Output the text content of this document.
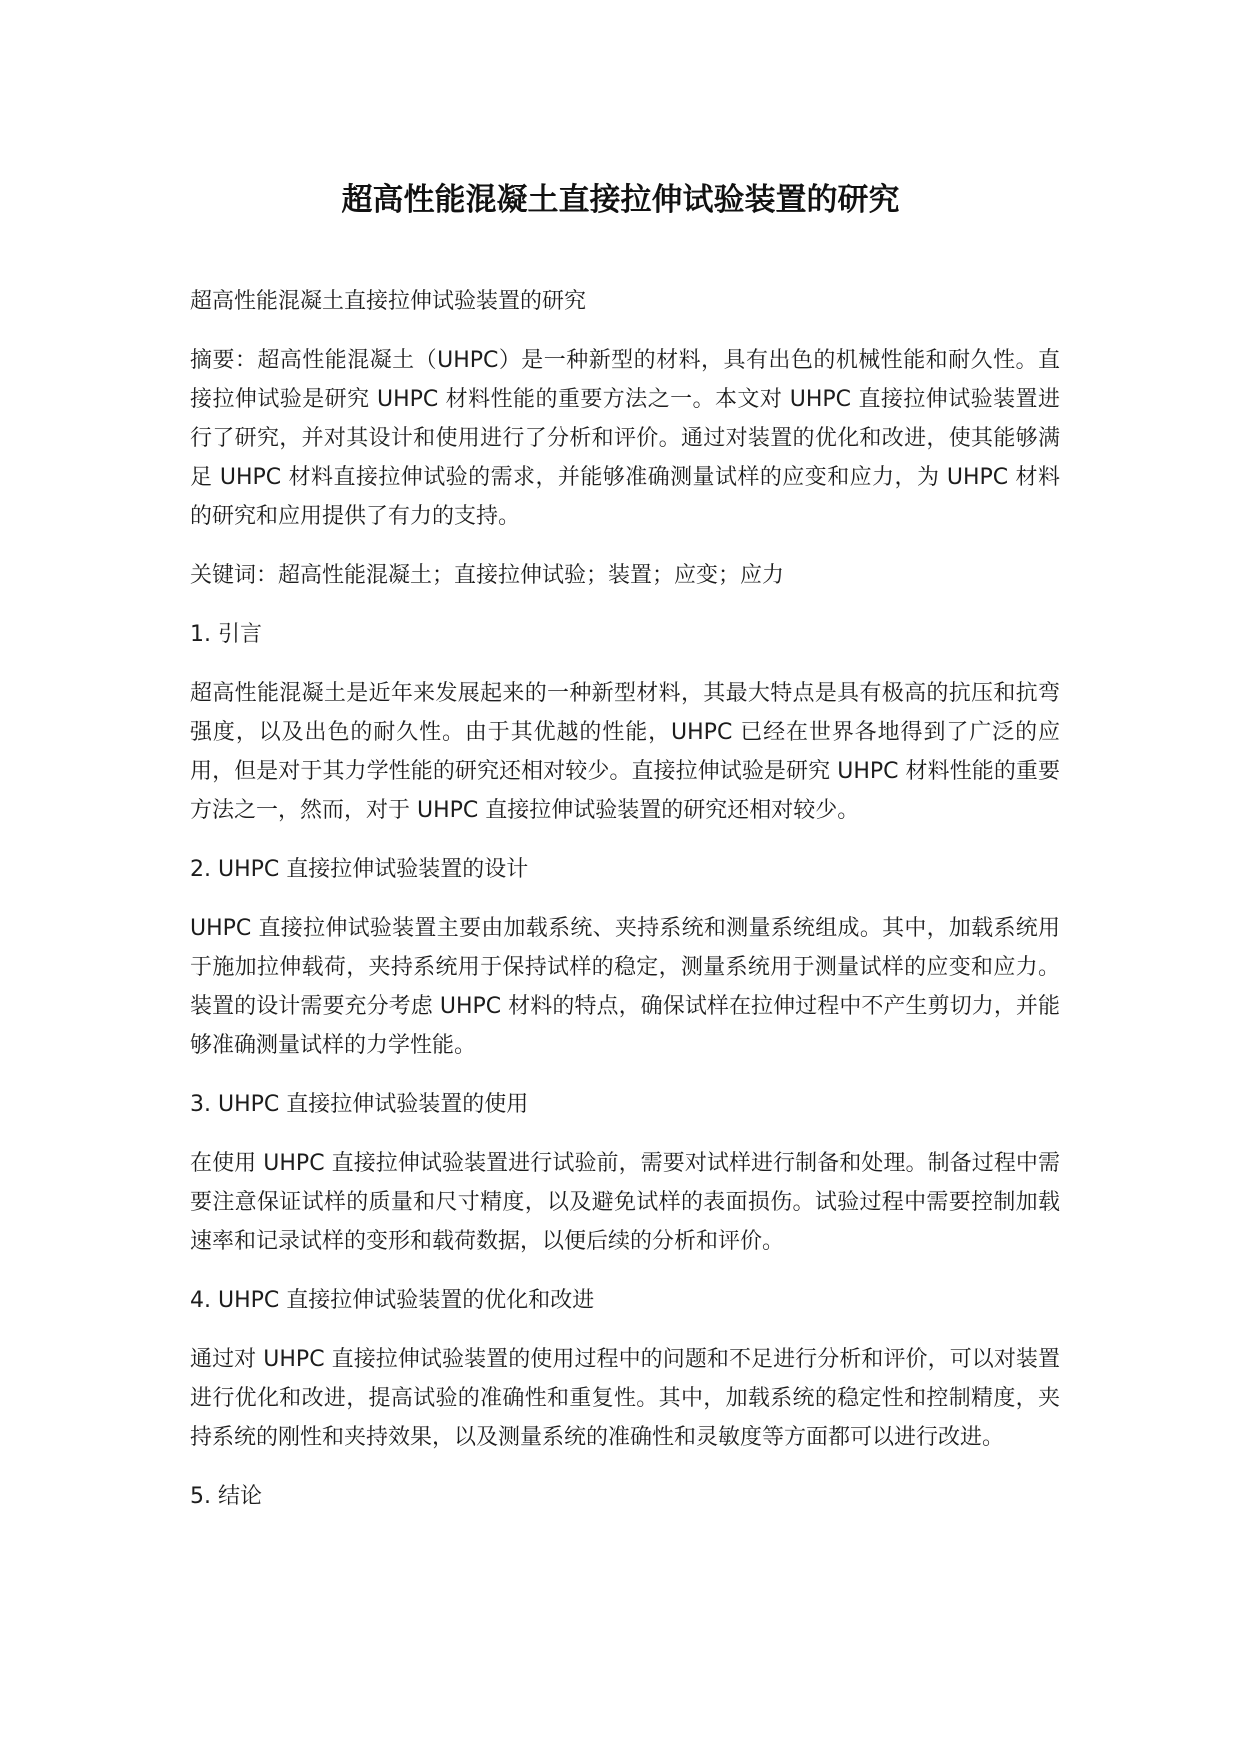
超高性能混凝土直接拉伸试验装置的研究

超高性能混凝土直接拉伸试验装置的研究

摘要：超高性能混凝土（UHPC）是一种新型的材料，具有出色的机械性能和耐久性。直接拉伸试验是研究 UHPC 材料性能的重要方法之一。本文对 UHPC 直接拉伸试验装置进行了研究，并对其设计和使用进行了分析和评价。通过对装置的优化和改进，使其能够满足 UHPC 材料直接拉伸试验的需求，并能够准确测量试样的应变和应力，为 UHPC 材料的研究和应用提供了有力的支持。

关键词：超高性能混凝土；直接拉伸试验；装置；应变；应力

1. 引言

超高性能混凝土是近年来发展起来的一种新型材料，其最大特点是具有极高的抗压和抗弯强度，以及出色的耐久性。由于其优越的性能，UHPC 已经在世界各地得到了广泛的应用，但是对于其力学性能的研究还相对较少。直接拉伸试验是研究 UHPC 材料性能的重要方法之一，然而，对于 UHPC 直接拉伸试验装置的研究还相对较少。

2. UHPC 直接拉伸试验装置的设计

UHPC 直接拉伸试验装置主要由加载系统、夹持系统和测量系统组成。其中，加载系统用于施加拉伸载荷，夹持系统用于保持试样的稳定，测量系统用于测量试样的应变和应力。装置的设计需要充分考虑 UHPC 材料的特点，确保试样在拉伸过程中不产生剪切力，并能够准确测量试样的力学性能。

3. UHPC 直接拉伸试验装置的使用

在使用 UHPC 直接拉伸试验装置进行试验前，需要对试样进行制备和处理。制备过程中需要注意保证试样的质量和尺寸精度，以及避免试样的表面损伤。试验过程中需要控制加载速率和记录试样的变形和载荷数据，以便后续的分析和评价。

4. UHPC 直接拉伸试验装置的优化和改进

通过对 UHPC 直接拉伸试验装置的使用过程中的问题和不足进行分析和评价，可以对装置进行优化和改进，提高试验的准确性和重复性。其中，加载系统的稳定性和控制精度，夹持系统的刚性和夹持效果，以及测量系统的准确性和灵敏度等方面都可以进行改进。

5. 结论
